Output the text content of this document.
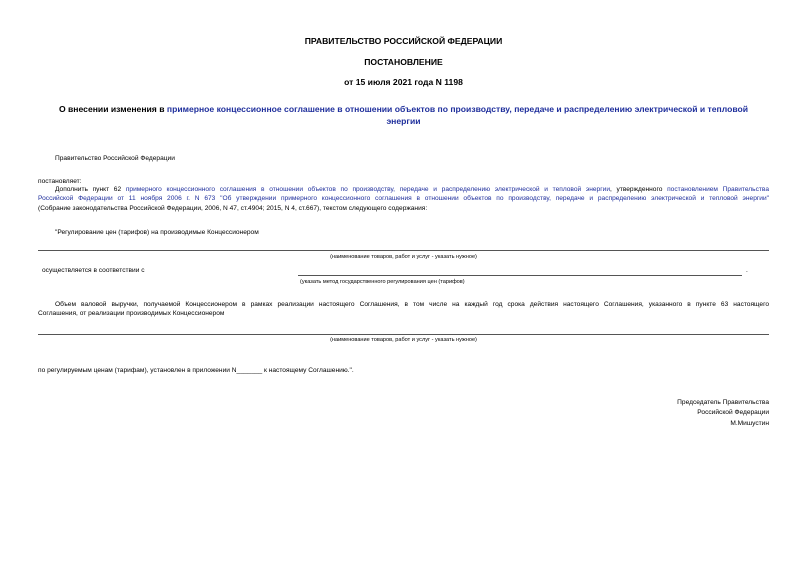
ПРАВИТЕЛЬСТВО РОССИЙСКОЙ ФЕДЕРАЦИИ
ПОСТАНОВЛЕНИЕ
от 15 июля 2021 года N 1198
О внесении изменения в примерное концессионное соглашение в отношении объектов по производству, передаче и распределению электрической и тепловой
энергии
Правительство Российской Федерации
постановляет:
Дополнить пункт 62 примерного концессионного соглашения в отношении объектов по производству, передаче и распределению электрической и тепловой энергии, утвержденного постановлением Правительства
Российской Федерации от 11 ноября 2006 г. N 673 "Об утверждении примерного концессионного соглашения в отношении объектов по производству, передаче и распределению электрической и тепловой энергии"
(Собрание законодательства Российской Федерации, 2006, N 47, ст.4904; 2015, N 4, ст.667), текстом следующего содержания:
"Регулирование цен (тарифов) на производимые Концессионером
(наименование товаров, работ и услуг - указать нужное)
осуществляется в соответствии с	.
(указать метод государственного регулирования цен (тарифов)
Объем валовой выручки, получаемой Концессионером в рамках реализации настоящего Соглашения, в том числе на каждый год срока действия настоящего Соглашения, указанного в пункте 63 настоящего
Соглашения, от реализации производимых Концессионером
(наименование товаров, работ и услуг - указать нужное)
по регулируемым ценам (тарифам), установлен в приложении N_______ к настоящему Соглашению.".
Председатель Правительства
Российской Федерации
М.Мишустин
